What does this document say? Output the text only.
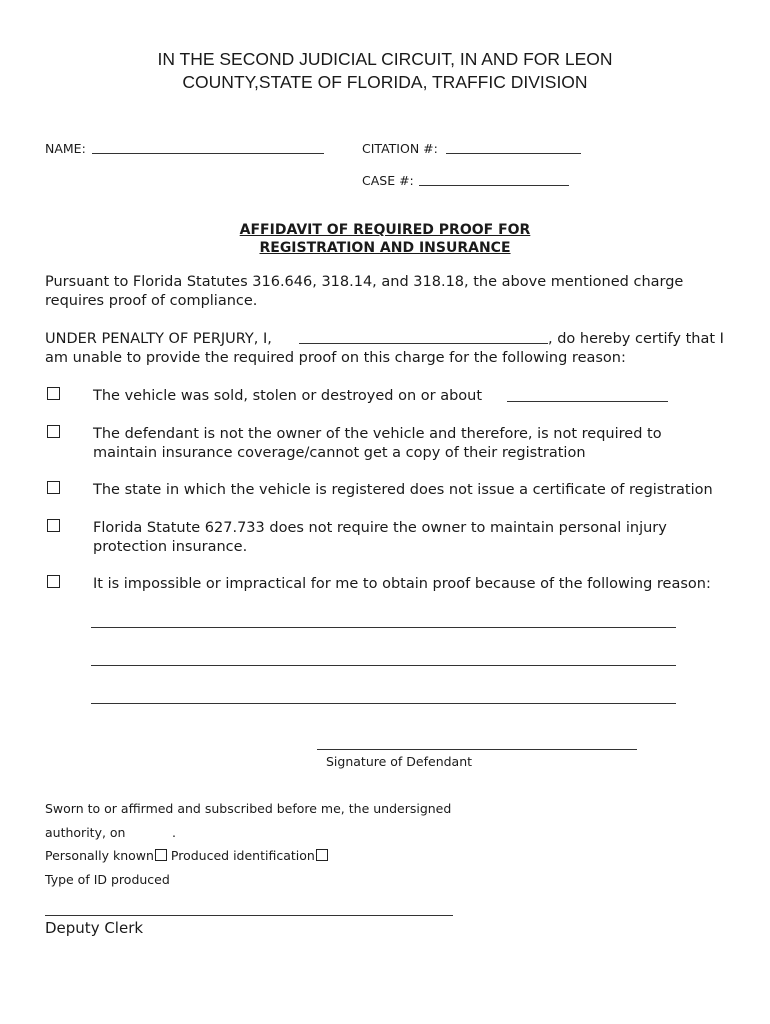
IN THE SECOND JUDICIAL CIRCUIT, IN AND FOR LEON
COUNTY,STATE OF FLORIDA, TRAFFIC DIVISION
NAME:	CITATION #:
CASE #:
AFFIDAVIT OF REQUIRED PROOF FOR
REGISTRATION AND INSURANCE
Pursuant to Florida Statutes 316.646, 318.14, and 318.18, the above mentioned charge
requires proof of compliance.
UNDER PENALTY OF PERJURY, I,	, do hereby certify that I
am unable to provide the required proof on this charge for the following reason:
The vehicle was sold, stolen or destroyed on or about
The defendant is not the owner of the vehicle and therefore, is not required to
maintain insurance coverage/cannot get a copy of their registration
The state in which the vehicle is registered does not issue a certificate of registration
Florida Statute 627.733 does not require the owner to maintain personal injury
protection insurance.
It is impossible or impractical for me to obtain proof because of the following reason:
Signature of Defendant
Sworn to or affirmed and subscribed before me, the undersigned
authority, on	.
Personally known Produced identification
Type of ID produced
Deputy Clerk
